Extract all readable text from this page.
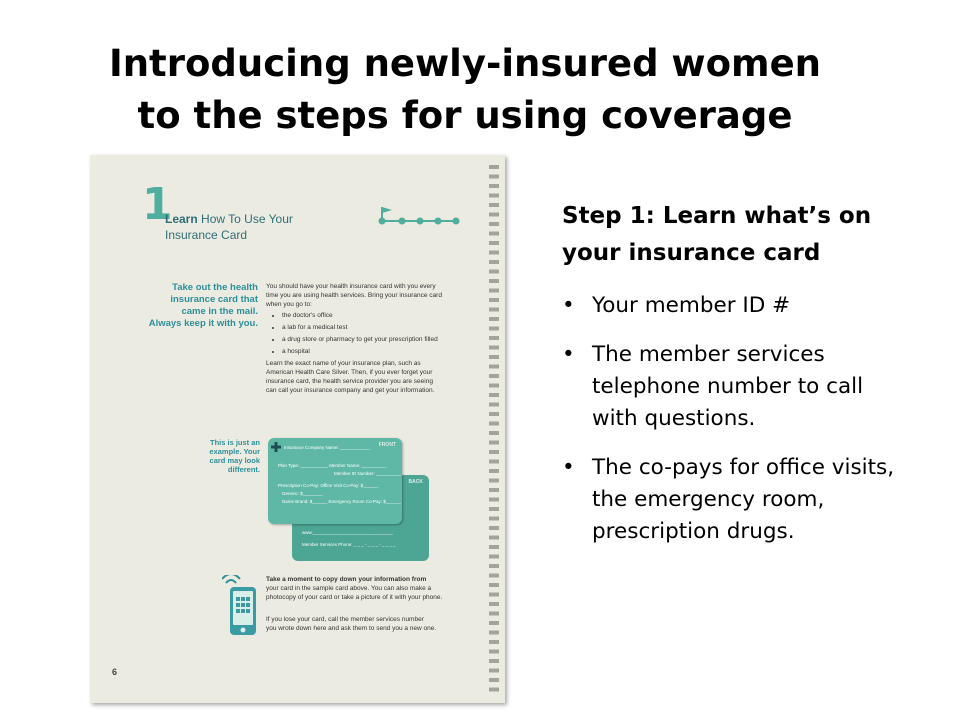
Introducing newly-insured women
to the steps for using coverage
1
Learn How To Use Your
Insurance Card
Take out the health
insurance card that
came in the mail.
Always keep it with you.
You should have your health insurance card with you every
time you are using health services. Bring your insurance card
when you go to:
• the doctor's office
• a lab for a medical test
• a drug store or pharmacy to get your prescription filled
• a hospital
Learn the exact name of your insurance plan, such as
American Health Care Silver. Then, if you ever forget your
insurance card, the health service provider you are seeing
can call your insurance company and get your information.
This is just an
example. Your
card may look
different.
BACK
www.________________________________
Member Services Phone: _ _ _ - _ _ _ - _ _ _ _
FRONT
Insurance Company Name: ____________
Plan Type: ___________ Member Name: __________
Member ID Number: __________
Prescription Co-Pay: Office Visit Co-Pay: $______
Generic: $________
Name Brand: $______ Emergency Room Co-Pay: $______
Take a moment to copy down your information from
your card in the sample card above. You can also make a
photocopy of your card or take a picture of it with your phone.
If you lose your card, call the member services number
you wrote down here and ask them to send you a new one.
6
Step 1: Learn what’s on your insurance card
• Your member ID #
• The member services telephone number to call with questions.
• The co-pays for office visits, the emergency room, prescription drugs.
